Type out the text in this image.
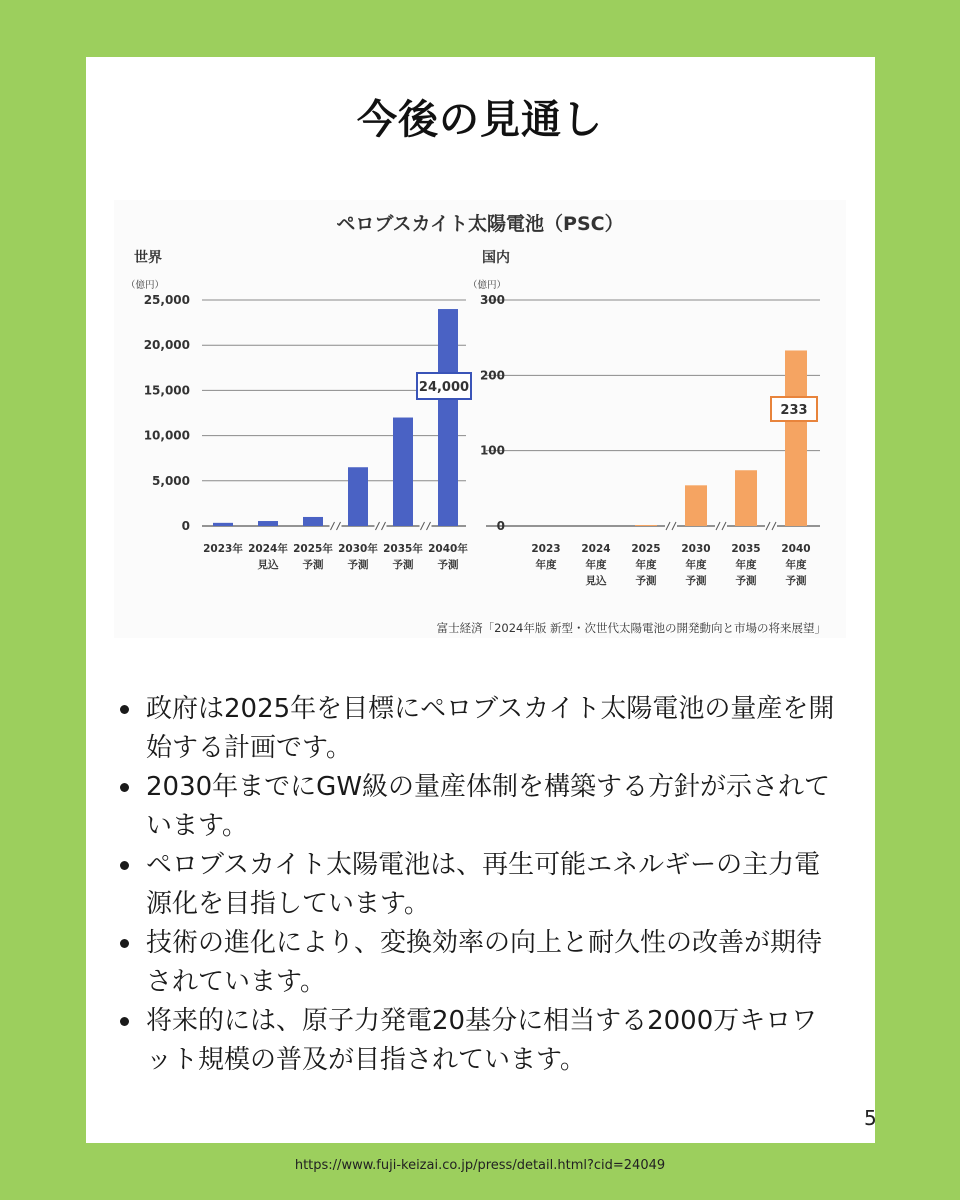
今後の見通し
ペロブスカイト太陽電池（PSC）
富士経済「2024年版 新型・次世代太陽電池の開発動向と市場の将来展望」
世界
（億円）
0
5,000
10,000
15,000
20,000
25,000
2023年 2024年
見込
2025年
予測
2030年
予測
2035年
予測
2040年
予測
24,000
国内
（億円）
0
100
200
300
2023
年度
2024
年度
見込
2025
年度
予測
2030
年度
予測
2035
年度
予測
2040
年度
予測
233
政府は2025年を目標にペロブスカイト太陽電池の量産を開始する計画です。
2030年までにGW級の量産体制を構築する方針が示されています。
ペロブスカイト太陽電池は、再生可能エネルギーの主力電源化を目指しています。
技術の進化により、変換効率の向上と耐久性の改善が期待されています。
将来的には、原子力発電20基分に相当する2000万キロワット規模の普及が目指されています。
5
https://www.fuji-keizai.co.jp/press/detail.html?cid=24049
